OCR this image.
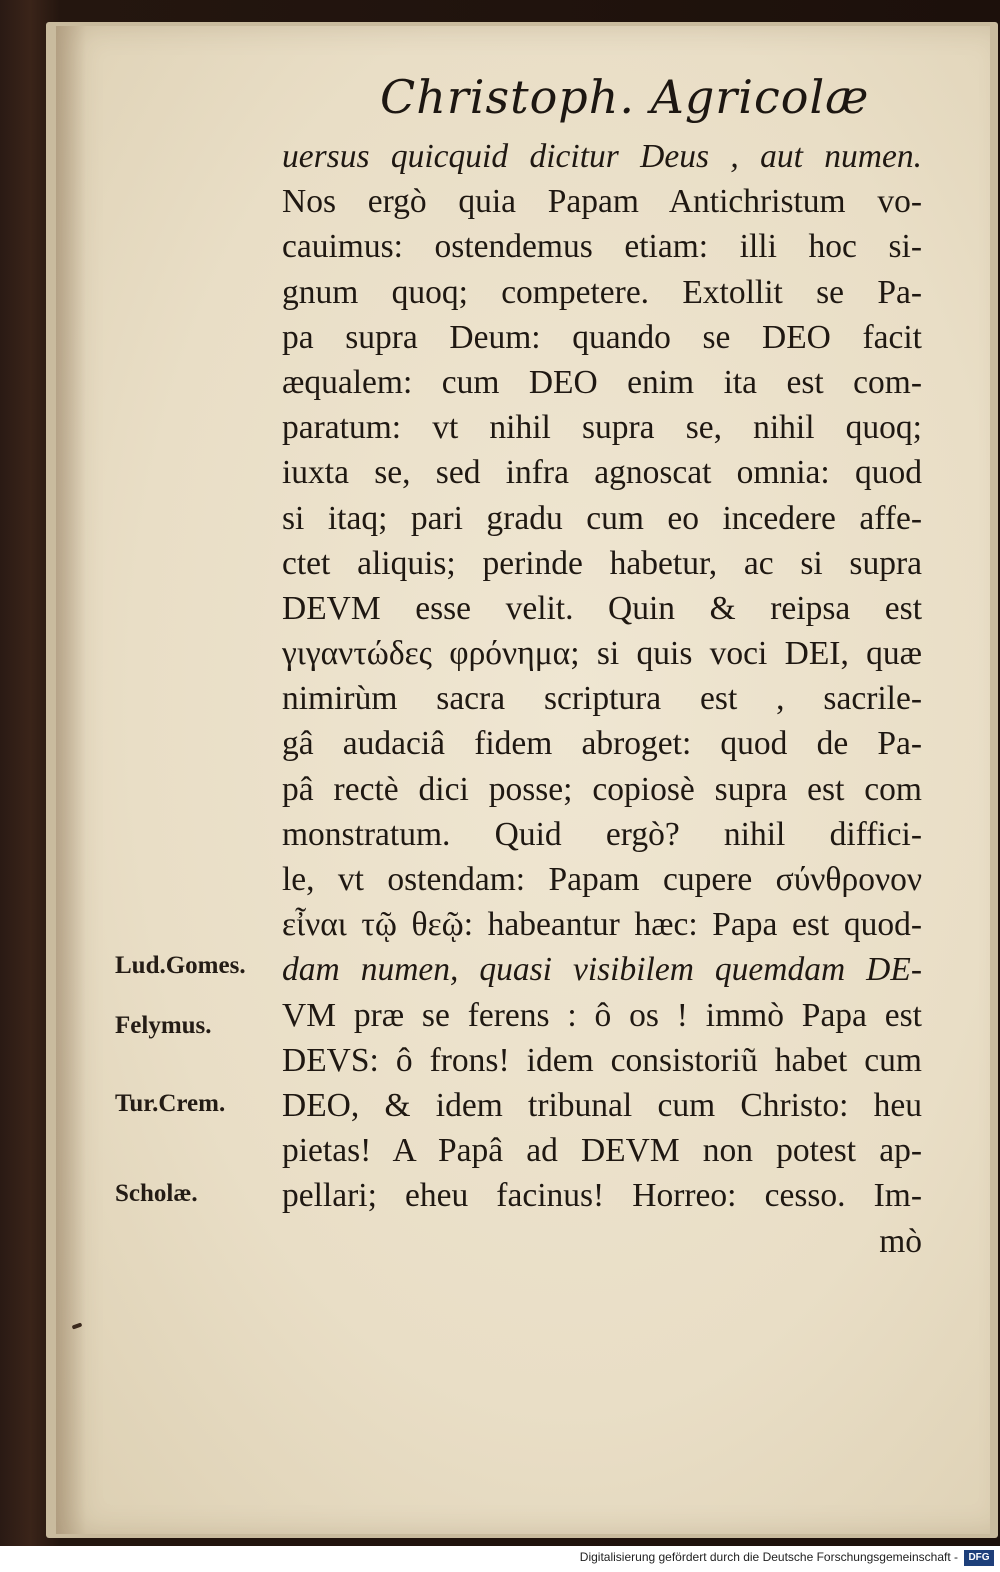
Christoph. Agricolæ
uersus quicquid dicitur Deus , aut numen.
Nos ergò quia Papam Antichristum vo-
cauimus: ostendemus etiam: illi hoc si-
gnum quoq; competere. Extollit se Pa-
pa supra Deum: quando se DEO facit
æqualem: cum DEO enim ita est com-
paratum: vt nihil supra se, nihil quoq;
iuxta se, sed infra agnoscat omnia: quod
si itaq; pari gradu cum eo incedere affe-
ctet aliquis; perinde habetur, ac si supra
DEVM esse velit. Quin & reipsa est
γιγαντώδες φρόνημα; si quis voci DEI, quæ
nimirùm sacra scriptura est , sacrile-
gâ audaciâ fidem abroget: quod de Pa-
pâ rectè dici posse; copiosè supra est com
monstratum. Quid ergò? nihil diffici-
le, vt ostendam: Papam cupere σύνθρονον
εἶναι τῷ θεῷ: habeantur hæc: Papa est quod-
dam numen, quasi visibilem quemdam DE-
VM præ se ferens : ô os ! immò Papa est
DEVS: ô frons! idem consistoriũ habet cum
DEO, & idem tribunal cum Christo: heu
pietas! A Papâ ad DEVM non potest ap-
pellari; eheu facinus! Horreo: cesso. Im-
mò
Lud.Gomes.
Felymus.
Tur.Crem.
Scholæ.
Digitalisierung gefördert durch die Deutsche Forschungsgemeinschaft -	DFG
